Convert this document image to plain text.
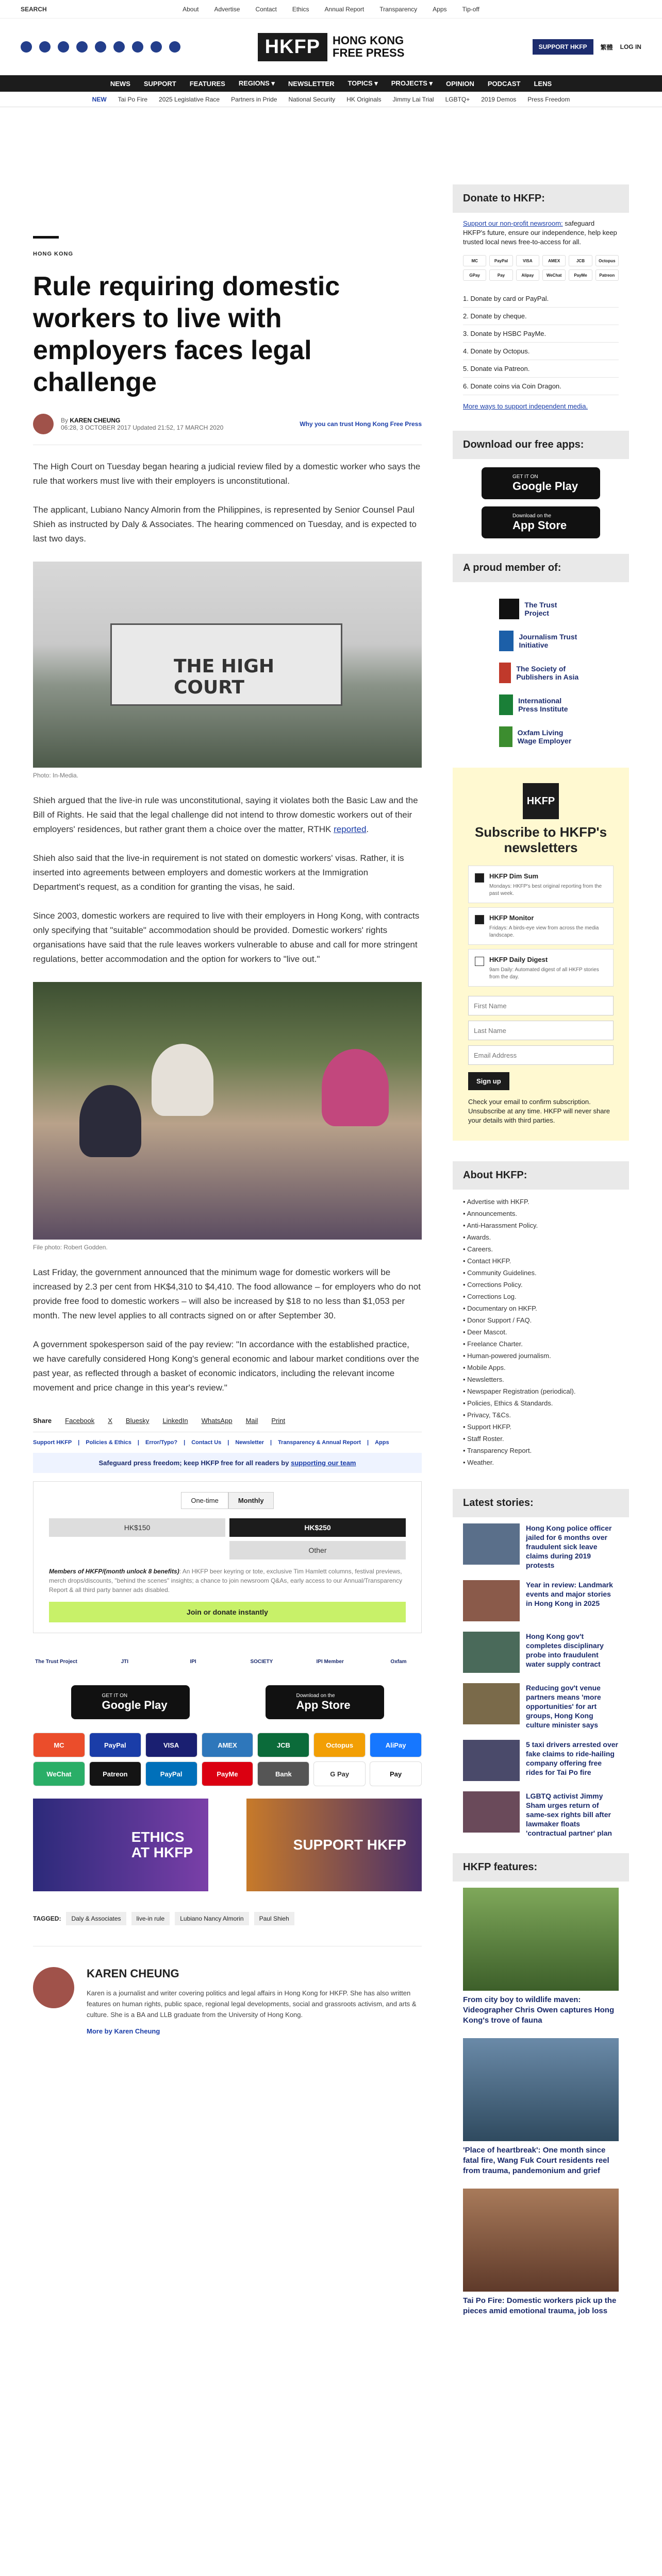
SEARCH	About	Advertise	Contact	Ethics	Annual Report	Transparency	Apps	Tip-off
HKFP	HONG KONG
FREE PRESS	SUPPORT HKFP	繁體 LOG IN
NEWS SUPPORT FEATURES REGIONS ▾ NEWSLETTER TOPICS ▾ PROJECTS ▾ OPINION PODCAST LENS
NEW Tai Po Fire 2025 Legislative Race Partners in Pride National Security HK Originals Jimmy Lai Trial LGBTQ+ 2019 Demos Press Freedom
HONG KONG
Rule requiring domestic workers to live with employers faces legal challenge
By KAREN CHEUNG
06:28, 3 OCTOBER 2017 Updated 21:52, 17 MARCH 2020	Why you can trust Hong Kong Free Press

The High Court on Tuesday began hearing a judicial review filed by a domestic worker who says the rule that workers must live with their employers is unconstitutional.

The applicant, Lubiano Nancy Almorin from the Philippines, is represented by Senior Counsel Paul Shieh as instructed by Daly & Associates. The hearing commenced on Tuesday, and is expected to last two days.

THE HIGH COURT
Photo: In-Media.

Shieh argued that the live-in rule was unconstitutional, saying it violates both the Basic Law and the Bill of Rights. He said that the legal challenge did not intend to throw domestic workers out of their employers' residences, but rather grant them a choice over the matter, RTHK reported.

Shieh also said that the live-in requirement is not stated on domestic workers' visas. Rather, it is inserted into agreements between employers and domestic workers at the Immigration Department's request, as a condition for granting the visas, he said.

Since 2003, domestic workers are required to live with their employers in Hong Kong, with contracts only specifying that "suitable" accommodation should be provided. Domestic workers' rights organisations have said that the rule leaves workers vulnerable to abuse and call for more stringent regulations, better accommodation and the option for workers to "live out."

File photo: Robert Godden.

Last Friday, the government announced that the minimum wage for domestic workers will be increased by 2.3 per cent from HK$4,310 to $4,410. The food allowance – for employers who do not provide free food to domestic workers – will also be increased by $18 to no less than $1,053 per month. The new level applies to all contracts signed on or after September 30.

A government spokesperson said of the pay review: "In accordance with the established practice, we have carefully considered Hong Kong's general economic and labour market conditions over the past year, as reflected through a basket of economic indicators, including the relevant income movement and price change in this year's review."

Share Facebook X Bluesky LinkedIn WhatsApp Mail Print
Support HKFP | Policies & Ethics | Error/Typo? | Contact Us | Newsletter | Transparency & Annual Report | Apps
Safeguard press freedom; keep HKFP free for all readers by supporting our team
One-time	Monthly
HK$150	HK$250
Other
Members of HKFP/(month unlock 8 benefits): An HKFP beer keyring or tote, exclusive Tim Hamlett columns, festival previews, merch drops/discounts, "behind the scenes" insights; a chance to join newsroom Q&As, early access to our Annual/Transparency Report & all third party banner ads disabled.
Join or donate instantly
The Trust Project	JTI	IPI	SOCIETY	IPI Member	Oxfam
GET IT ON
Google Play
Download on the
App Store
MC	PayPal	VISA	AMEX	JCB	Octopus	AliPay
WeChat	Patreon	PayPal	PayMe	Bank	G Pay	Pay
ETHICS
AT HKFP	SUPPORT HKFP
TAGGED:	Daly & Associates	live-in rule	Lubiano Nancy Almorin	Paul Shieh
KAREN CHEUNG

Karen is a journalist and writer covering politics and legal affairs in Hong Kong for HKFP. She has also written features on human rights, public space, regional legal developments, social and grassroots activism, and arts & culture. She is a BA and LLB graduate from the University of Hong Kong.

More by Karen Cheung
Donate to HKFP:
Support our non-profit newsroom: safeguard HKFP's future, ensure our independence, help keep trusted local news free-to-access for all.
MC	PayPal	VISA	AMEX	JCB	Octopus
GPay	Pay	Alipay	WeChat	PayMe	Patreon
1. Donate by card or PayPal.
2. Donate by cheque.
3. Donate by HSBC PayMe.
4. Donate by Octopus.
5. Donate via Patreon.
6. Donate coins via Coin Dragon.
More ways to support independent media.
Download our free apps:
GET IT ON
Google Play
Download on the
App Store
A proud member of:
The Trust Project
Journalism Trust Initiative
The Society of Publishers in Asia
International Press Institute
Oxfam Living Wage Employer
HKFP
Subscribe to HKFP's newsletters
HKFP Dim Sum
Mondays: HKFP's best original reporting from the past week.
HKFP Monitor
Fridays: A birds-eye view from across the media landscape.
HKFP Daily Digest
9am Daily: Automated digest of all HKFP stories from the day.
First Name Last Name Email Address Sign up
Check your email to confirm subscription. Unsubscribe at any time. HKFP will never share your details with third parties.
About HKFP:
• Advertise with HKFP.
• Announcements.
• Anti-Harassment Policy.
• Awards.
• Careers.
• Contact HKFP.
• Community Guidelines.
• Corrections Policy.
• Corrections Log.
• Documentary on HKFP.
• Donor Support / FAQ.
• Deer Mascot.
• Freelance Charter.
• Human-powered journalism.
• Mobile Apps.
• Newsletters.
• Newspaper Registration (periodical).
• Policies, Ethics & Standards.
• Privacy, T&Cs.
• Support HKFP.
• Staff Roster.
• Transparency Report.
• Weather.
Latest stories:
Hong Kong police officer jailed for 6 months over fraudulent sick leave claims during 2019 protests
Year in review: Landmark events and major stories in Hong Kong in 2025
Hong Kong gov't completes disciplinary probe into fraudulent water supply contract
Reducing gov't venue partners means 'more opportunities' for art groups, Hong Kong culture minister says
5 taxi drivers arrested over fake claims to ride-hailing company offering free rides for Tai Po fire
LGBTQ activist Jimmy Sham urges return of same-sex rights bill after lawmaker floats 'contractual partner' plan
HKFP features:
From city boy to wildlife maven: Videographer Chris Owen captures Hong Kong's trove of fauna
'Place of heartbreak': One month since fatal fire, Wang Fuk Court residents reel from trauma, pandemonium and grief
Tai Po Fire: Domestic workers pick up the pieces amid emotional trauma, job loss
